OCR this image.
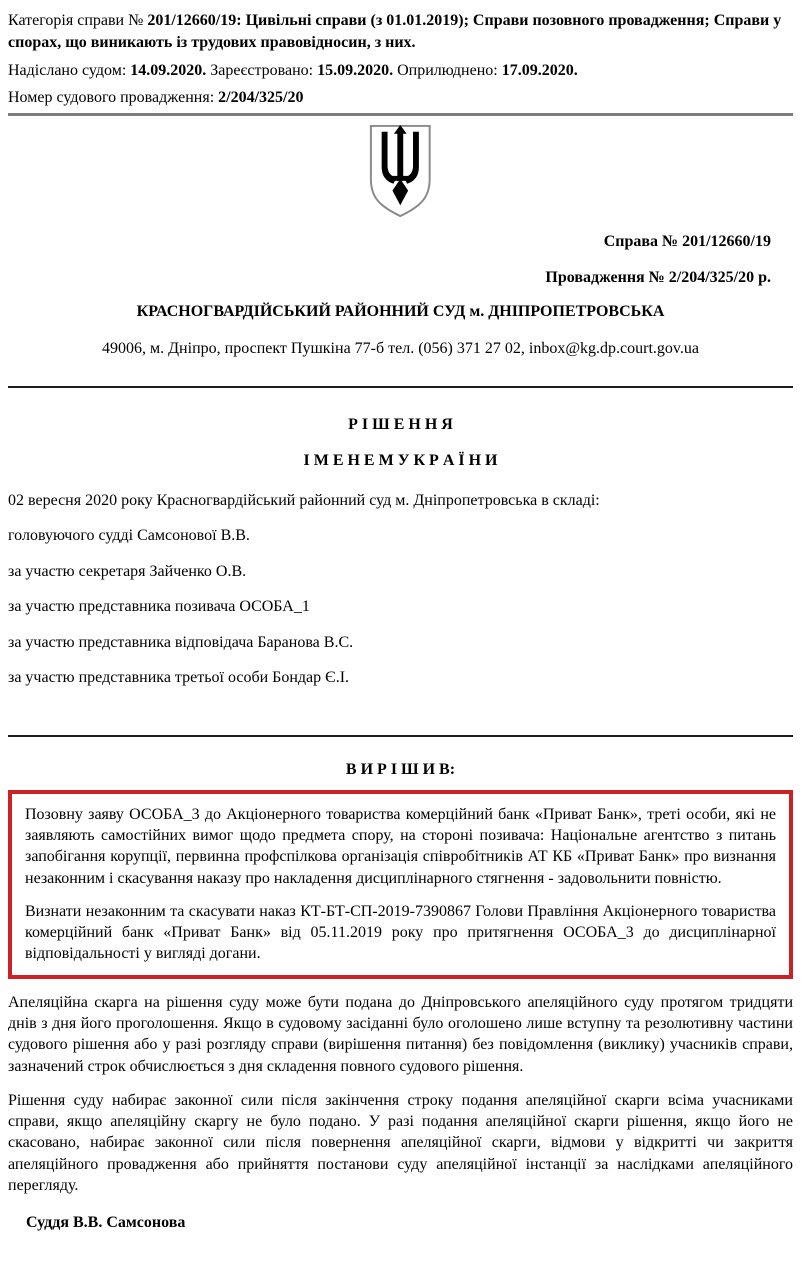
Категорія справи № 201/12660/19: Цивільні справи (з 01.01.2019); Справи позовного провадження; Справи у спорах, що виникають із трудових правовідносин, з них.

Надіслано судом: 14.09.2020. Зареєстровано: 15.09.2020. Оприлюднено: 17.09.2020.

Номер судового провадження: 2/204/325/20

Справа № 201/12660/19

Провадження № 2/204/325/20 р.

КРАСНОГВАРДІЙСЬКИЙ РАЙОННИЙ СУД м. ДНІПРОПЕТРОВСЬКА

49006, м. Дніпро, проспект Пушкіна 77-б тел. (056) 371 27 02, inbox@kg.dp.court.gov.ua

Р І Ш Е Н Н Я

І М Е Н Е М У К Р А Ї Н И

02 вересня 2020 року Красногвардійський районний суд м. Дніпропетровська в складі:

головуючого судді Самсонової В.В.

за участю секретаря Зайченко О.В.

за участю представника позивача ОСОБА_1

за участю представника відповідача Баранова В.С.

за участю представника третьої особи Бондар Є.І.

В И Р І Ш И В:

Позовну заяву ОСОБА_3 до Акціонерного товариства комерційний банк «Приват Банк», треті особи, які не заявляють самостійних вимог щодо предмета спору, на стороні позивача: Національне агентство з питань запобігання корупції, первинна профспілкова організація співробітників АТ КБ «Приват Банк» про визнання незаконним і скасування наказу про накладення дисциплінарного стягнення - задовольнити повністю.

Визнати незаконним та скасувати наказ КТ-БТ-СП-2019-7390867 Голови Правління Акціонерного товариства комерційний банк «Приват Банк» від 05.11.2019 року про притягнення ОСОБА_3 до дисциплінарної відповідальності у вигляді догани.

Апеляційна скарга на рішення суду може бути подана до Дніпровського апеляційного суду протягом тридцяти днів з дня його проголошення. Якщо в судовому засіданні було оголошено лише вступну та резолютивну частини судового рішення або у разі розгляду справи (вирішення питання) без повідомлення (виклику) учасників справи, зазначений строк обчислюється з дня складення повного судового рішення.

Рішення суду набирає законної сили після закінчення строку подання апеляційної скарги всіма учасниками справи, якщо апеляційну скаргу не було подано. У разі подання апеляційної скарги рішення, якщо його не скасовано, набирає законної сили після повернення апеляційної скарги, відмови у відкритті чи закриття апеляційного провадження або прийняття постанови суду апеляційної інстанції за наслідками апеляційного перегляду.

Суддя В.В. Самсонова
